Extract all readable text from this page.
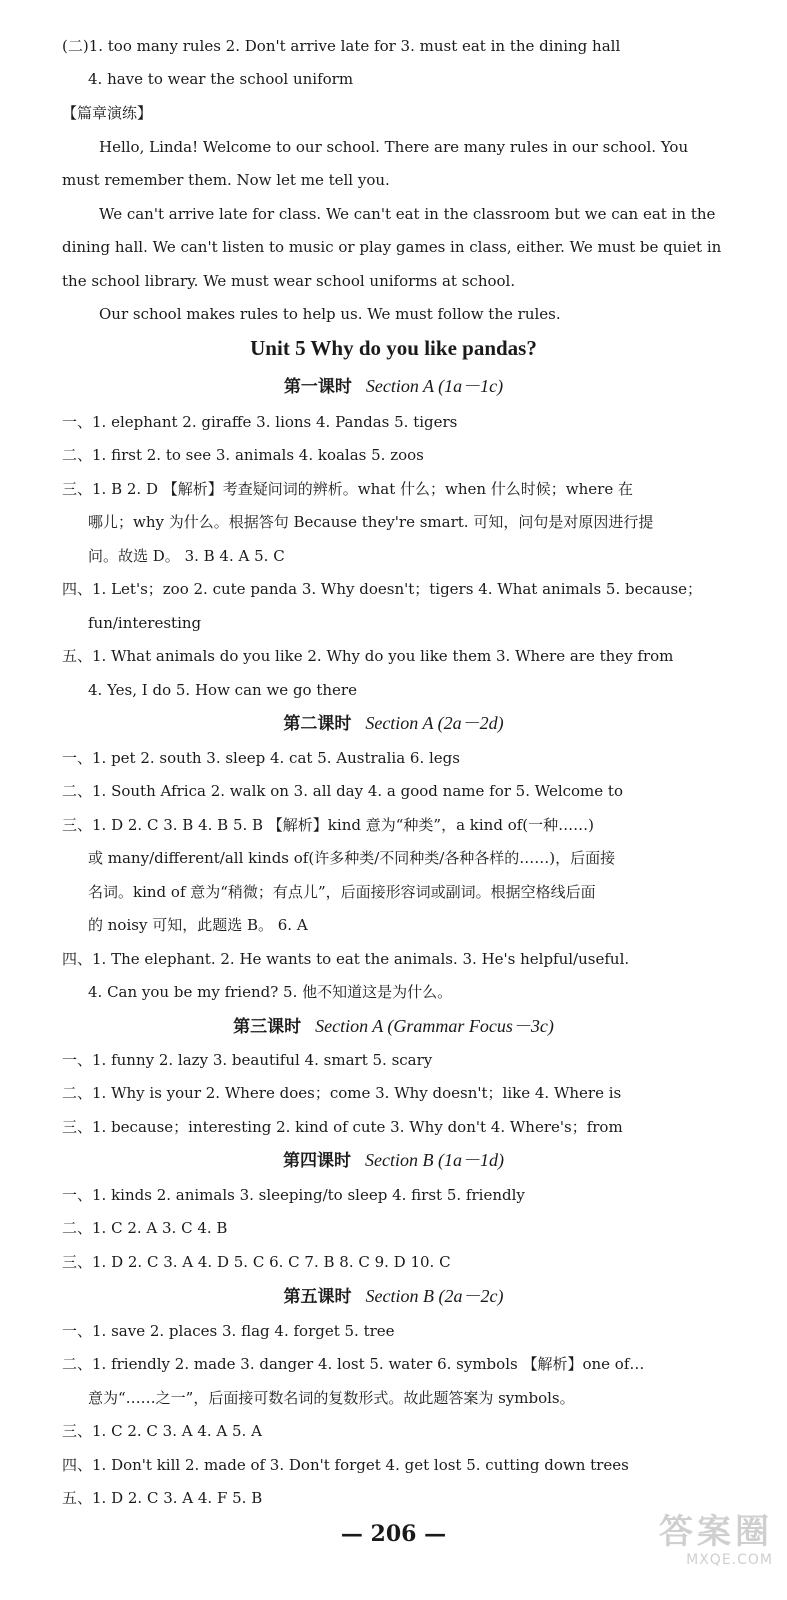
(二)1. too many rules 2. Don't arrive late for 3. must eat in the dining hall
4. have to wear the school uniform
【篇章演练】
Hello, Linda! Welcome to our school. There are many rules in our school. You
must remember them. Now let me tell you.
We can't arrive late for class. We can't eat in the classroom but we can eat in the
dining hall. We can't listen to music or play games in class, either. We must be quiet in
the school library. We must wear school uniforms at school.
Our school makes rules to help us. We must follow the rules.
Unit 5 Why do you like pandas?
第一课时 Section A (1a－1c)
一、1. elephant 2. giraffe 3. lions 4. Pandas 5. tigers
二、1. first 2. to see 3. animals 4. koalas 5. zoos
三、1. B 2. D 【解析】考查疑问词的辨析。what 什么；when 什么时候；where 在
哪儿；why 为什么。根据答句 Because they're smart. 可知，问句是对原因进行提
问。故选 D。 3. B 4. A 5. C
四、1. Let's；zoo 2. cute panda 3. Why doesn't；tigers 4. What animals 5. because；
fun/interesting
五、1. What animals do you like 2. Why do you like them 3. Where are they from
4. Yes, I do 5. How can we go there
第二课时 Section A (2a－2d)
一、1. pet 2. south 3. sleep 4. cat 5. Australia 6. legs
二、1. South Africa 2. walk on 3. all day 4. a good name for 5. Welcome to
三、1. D 2. C 3. B 4. B 5. B 【解析】kind 意为“种类”，a kind of(一种……)
或 many/different/all kinds of(许多种类/不同种类/各种各样的……)，后面接
名词。kind of 意为“稍微；有点儿”，后面接形容词或副词。根据空格线后面
的 noisy 可知，此题选 B。 6. A
四、1. The elephant. 2. He wants to eat the animals. 3. He's helpful/useful.
4. Can you be my friend? 5. 他不知道这是为什么。
第三课时 Section A (Grammar Focus－3c)
一、1. funny 2. lazy 3. beautiful 4. smart 5. scary
二、1. Why is your 2. Where does；come 3. Why doesn't；like 4. Where is
三、1. because；interesting 2. kind of cute 3. Why don't 4. Where's；from
第四课时 Section B (1a－1d)
一、1. kinds 2. animals 3. sleeping/to sleep 4. first 5. friendly
二、1. C 2. A 3. C 4. B
三、1. D 2. C 3. A 4. D 5. C 6. C 7. B 8. C 9. D 10. C
第五课时 Section B (2a－2c)
一、1. save 2. places 3. flag 4. forget 5. tree
二、1. friendly 2. made 3. danger 4. lost 5. water 6. symbols 【解析】one of…
意为“……之一”，后面接可数名词的复数形式。故此题答案为 symbols。
三、1. C 2. C 3. A 4. A 5. A
四、1. Don't kill 2. made of 3. Don't forget 4. get lost 5. cutting down trees
五、1. D 2. C 3. A 4. F 5. B
— 206 —	答案圈
MXQE.COM
